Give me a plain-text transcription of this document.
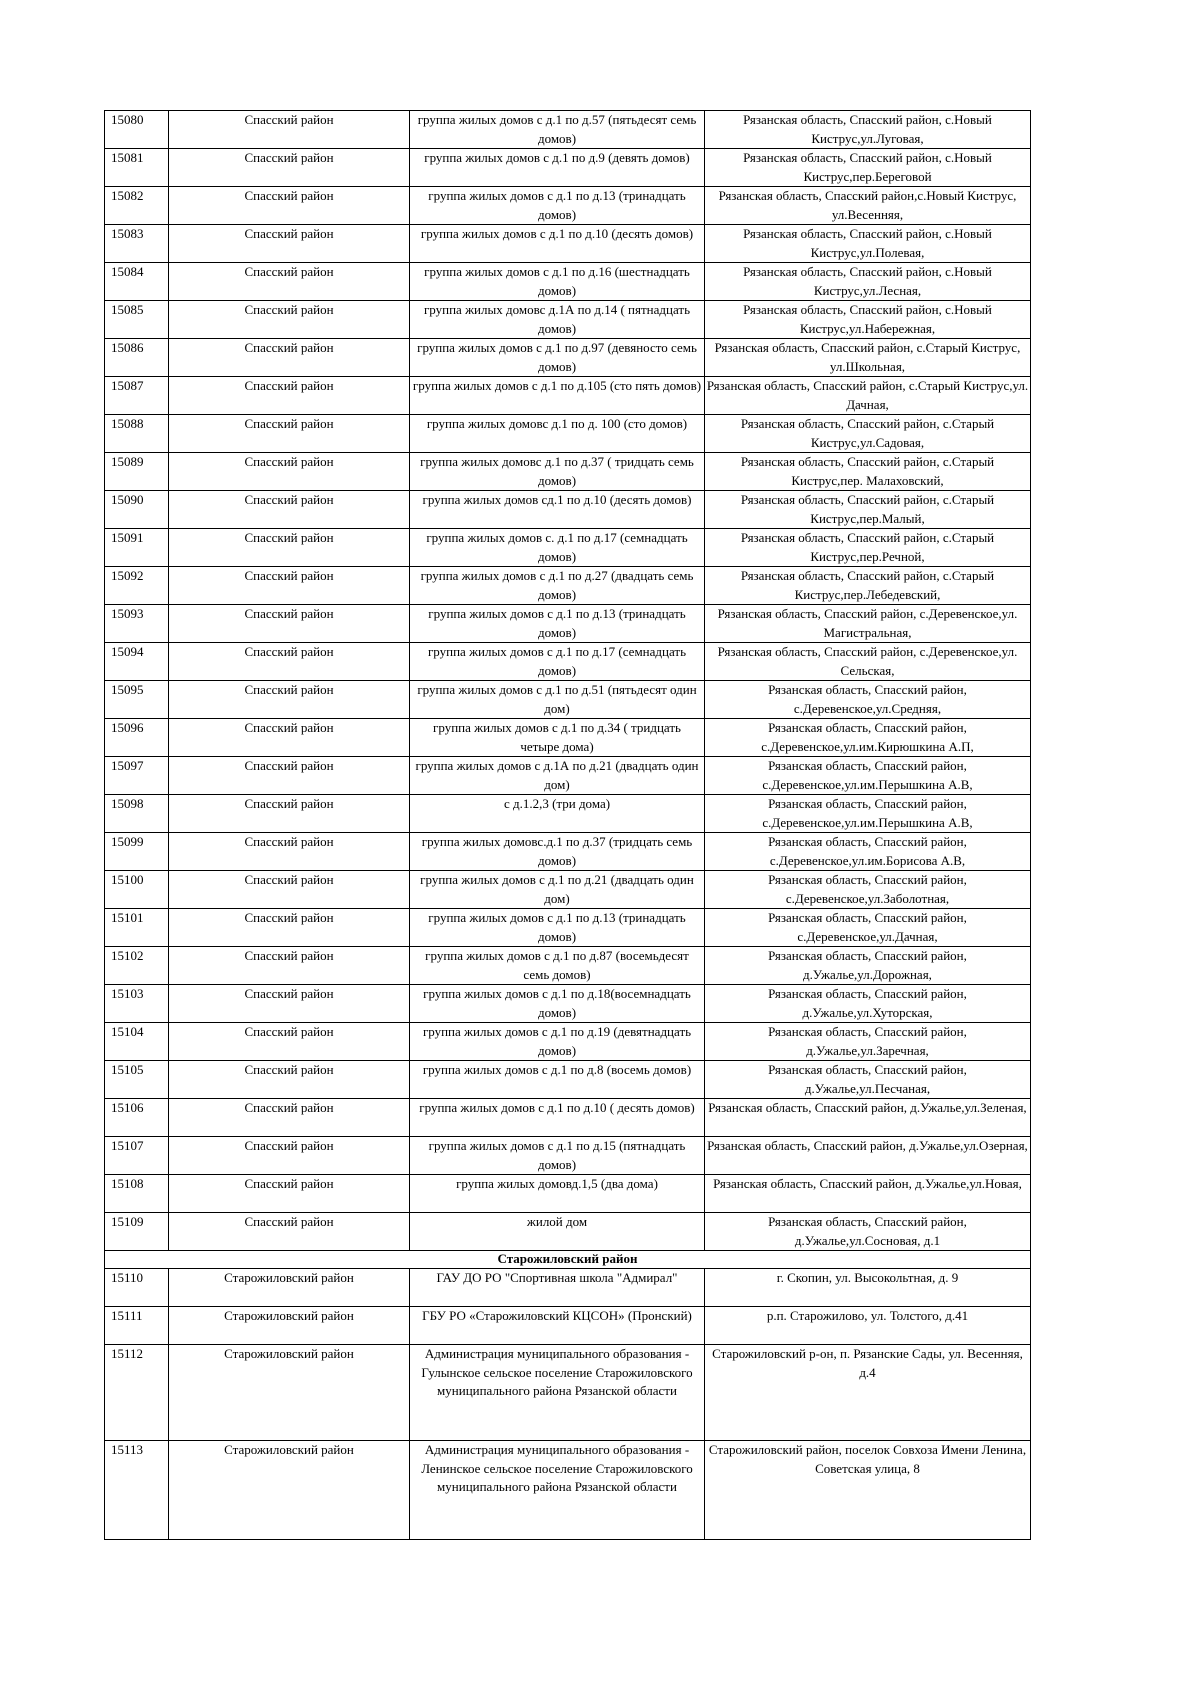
15080	Спасский район	группа жилых домов с д.1 по д.57 (пятьдесят семь домов)	Рязанская область, Спасский район, с.Новый Киструс,ул.Луговая,
15081	Спасский район	группа жилых домов с д.1 по д.9 (девять домов)	Рязанская область, Спасский район, с.Новый Киструс,пер.Береговой
15082	Спасский район	группа жилых домов с д.1 по д.13 (тринадцать домов)	Рязанская область, Спасский район,с.Новый Киструс, ул.Весенняя,
15083	Спасский район	группа жилых домов с д.1 по д.10 (десять домов)	Рязанская область, Спасский район, с.Новый Киструс,ул.Полевая,
15084	Спасский район	группа жилых домов с д.1 по д.16 (шестнадцать домов)	Рязанская область, Спасский район, с.Новый Киструс,ул.Лесная,
15085	Спасский район	группа жилых домовс д.1А по д.14 ( пятнадцать домов)	Рязанская область, Спасский район, с.Новый Киструс,ул.Набережная,
15086	Спасский район	группа жилых домов с д.1 по д.97 (девяносто семь домов)	Рязанская область, Спасский район, с.Старый Киструс, ул.Школьная,
15087	Спасский район	группа жилых домов с д.1 по д.105 (сто пять домов)	Рязанская область, Спасский район, с.Старый Киструс,ул. Дачная,
15088	Спасский район	группа жилых домовс д.1 по д. 100 (сто домов)	Рязанская область, Спасский район, с.Старый Киструс,ул.Садовая,
15089	Спасский район	группа жилых домовс д.1 по д.37 ( тридцать семь домов)	Рязанская область, Спасский район, с.Старый Киструс,пер. Малаховский,
15090	Спасский район	группа жилых домов сд.1 по д.10 (десять домов)	Рязанская область, Спасский район, с.Старый Киструс,пер.Малый,
15091	Спасский район	группа жилых домов с. д.1 по д.17 (семнадцать домов)	Рязанская область, Спасский район, с.Старый Киструс,пер.Речной,
15092	Спасский район	группа жилых домов с д.1 по д.27 (двадцать семь домов)	Рязанская область, Спасский район, с.Старый Киструс,пер.Лебедевский,
15093	Спасский район	группа жилых домов с д.1 по д.13 (тринадцать домов)	Рязанская область, Спасский район, с.Деревенское,ул. Магистральная,
15094	Спасский район	группа жилых домов с д.1 по д.17 (семнадцать домов)	Рязанская область, Спасский район, с.Деревенское,ул. Сельская,
15095	Спасский район	группа жилых домов с д.1 по д.51 (пятьдесят один дом)	Рязанская область, Спасский район, с.Деревенское,ул.Средняя,
15096	Спасский район	группа жилых домов с д.1 по д.34 ( тридцать четыре дома)	Рязанская область, Спасский район, с.Деревенское,ул.им.Кирюшкина А.П,
15097	Спасский район	группа жилых домов с д.1А по д.21 (двадцать один дом)	Рязанская область, Спасский район, с.Деревенское,ул.им.Перышкина А.В,
15098	Спасский район	с д.1.2,3 (три дома)	Рязанская область, Спасский район, с.Деревенское,ул.им.Перышкина А.В,
15099	Спасский район	группа жилых домовс.д.1 по д.37 (тридцать семь домов)	Рязанская область, Спасский район, с.Деревенское,ул.им.Борисова А.В,
15100	Спасский район	группа жилых домов с д.1 по д.21 (двадцать один дом)	Рязанская область, Спасский район, с.Деревенское,ул.Заболотная,
15101	Спасский район	группа жилых домов с д.1 по д.13 (тринадцать домов)	Рязанская область, Спасский район, с.Деревенское,ул.Дачная,
15102	Спасский район	группа жилых домов с д.1 по д.87 (восемьдесят семь домов)	Рязанская область, Спасский район, д.Ужалье,ул.Дорожная,
15103	Спасский район	группа жилых домов с д.1 по д.18(восемнадцать домов)	Рязанская область, Спасский район, д.Ужалье,ул.Хуторская,
15104	Спасский район	группа жилых домов с д.1 по д.19 (девятнадцать домов)	Рязанская область, Спасский район, д.Ужалье,ул.Заречная,
15105	Спасский район	группа жилых домов с д.1 по д.8 (восемь домов)	Рязанская область, Спасский район, д.Ужалье,ул.Песчаная,
15106	Спасский район	группа жилых домов с д.1 по д.10 ( десять домов)	Рязанская область, Спасский район, д.Ужалье,ул.Зеленая,
15107	Спасский район	группа жилых домов с д.1 по д.15 (пятнадцать домов)	Рязанская область, Спасский район, д.Ужалье,ул.Озерная,
15108	Спасский район	группа жилых домовд.1,5 (два дома)	Рязанская область, Спасский район, д.Ужалье,ул.Новая,
15109	Спасский район	жилой дом	Рязанская область, Спасский район, д.Ужалье,ул.Сосновая, д.1
Старожиловский район			
15110	Старожиловский район	ГАУ ДО РО "Спортивная школа "Адмирал"	г. Скопин, ул. Высокольтная, д. 9
15111	Старожиловский район	ГБУ РО «Старожиловский КЦСОН» (Пронский)	р.п. Старожилово, ул. Толстого, д.41
15112	Старожиловский район	Администрация муниципального образования - Гулынское сельское поселение Старожиловского муниципального района Рязанской области	Старожиловский р-он, п. Рязанские Сады, ул. Весенняя, д.4
15113	Старожиловский район	Администрация муниципального образования - Ленинское сельское поселение Старожиловского муниципального района Рязанской области	Старожиловский район, поселок Совхоза Имени Ленина, Советская улица, 8
